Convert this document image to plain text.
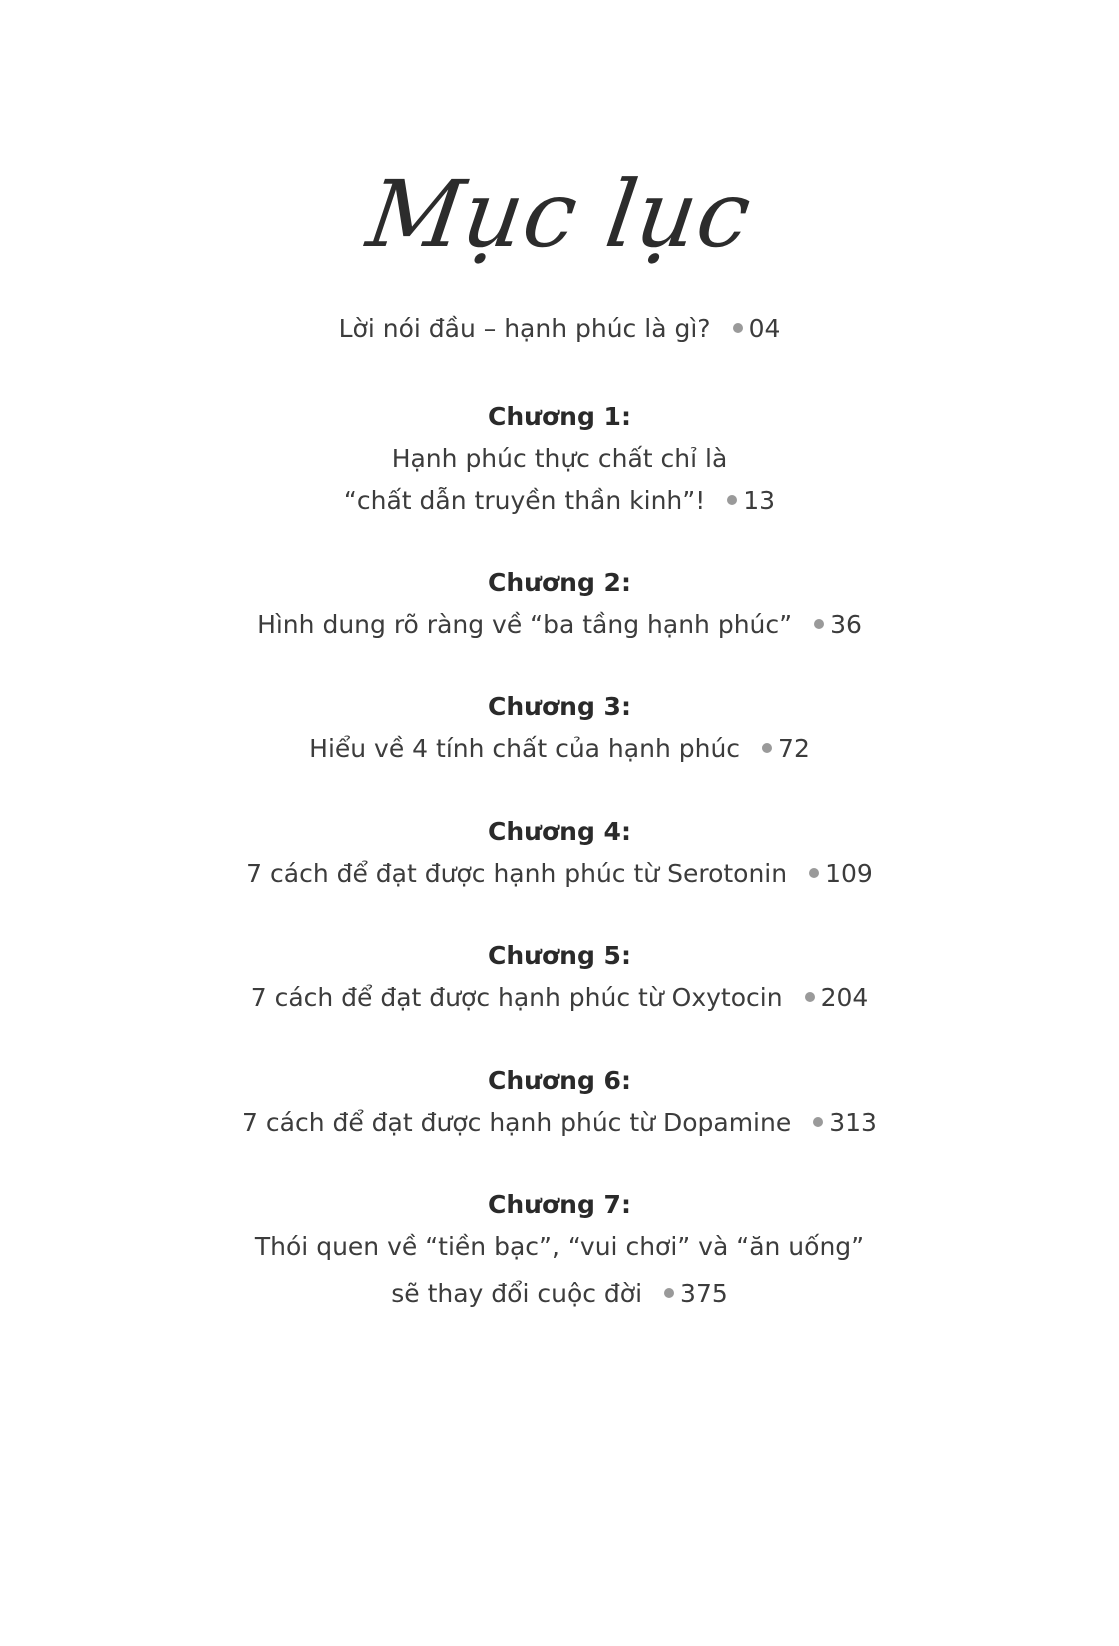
Mục lục
Lời nói đầu – hạnh phúc là gì? 04
Chương 1:
Hạnh phúc thực chất chỉ là
“chất dẫn truyền thần kinh”! 13
Chương 2:
Hình dung rõ ràng về “ba tầng hạnh phúc” 36
Chương 3:
Hiểu về 4 tính chất của hạnh phúc 72
Chương 4:
7 cách để đạt được hạnh phúc từ Serotonin 109
Chương 5:
7 cách để đạt được hạnh phúc từ Oxytocin 204
Chương 6:
7 cách để đạt được hạnh phúc từ Dopamine 313
Chương 7:
Thói quen về “tiền bạc”, “vui chơi” và “ăn uống”
sẽ thay đổi cuộc đời 375
